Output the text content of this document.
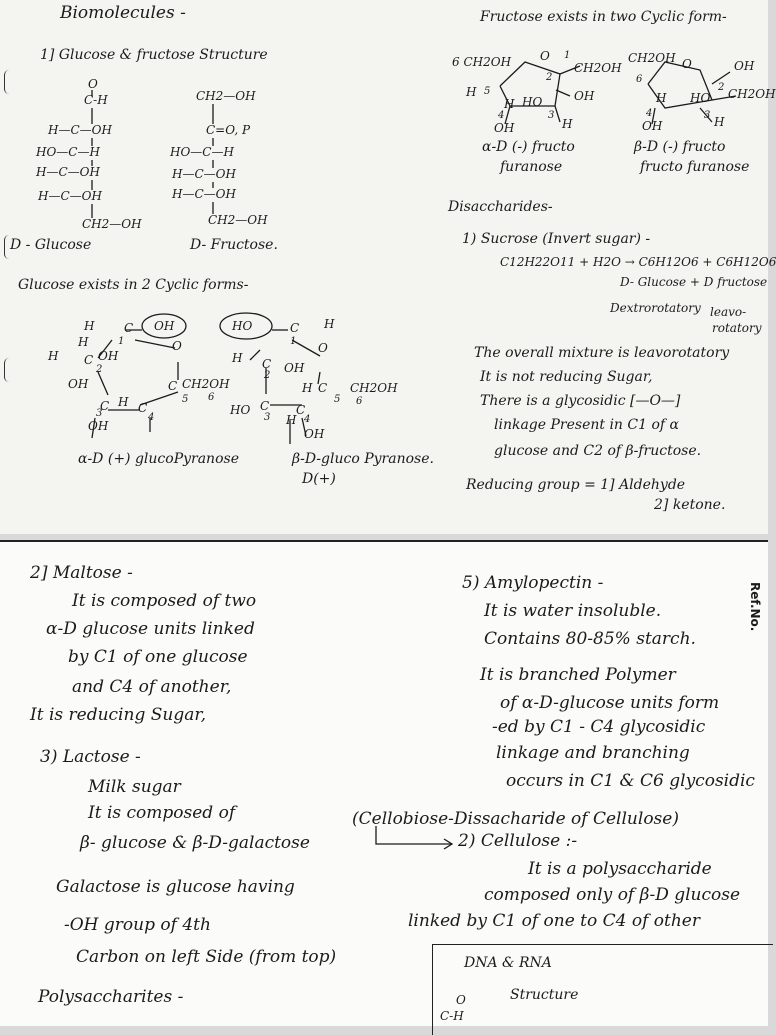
Biomolecules -
1] Glucose & fructose Structure
O
C-H
H—C—OH
HO—C—H
H—C—OH
H—C—OH
CH2—OH
D - Glucose
CH2—OH
C=O, P
HO—C—H
H—C—OH
H—C—OH
CH2—OH
D- Fructose.
Glucose exists in 2 Cyclic forms-
H C OH
H
C OH
H
O
C CH2OH
C
OH
H C
OH
1
2
3	4
5 6
α-D (+) glucoPyranose
HO	C H
H C OH
O
H C CH2OH
HO C C
H
OH
1
2
3	4
5 6
β-D-gluco Pyranose.
D(+)
Fructose exists in two Cyclic form-
6 CH2OH O 1
CH2OH
H 5
2
OH
H HO
4
OH
3
H
α-D (-) fructo
furanose
CH2OH
6
O	OH
H HO
2 CH2OH
4
OH
3 H
β-D (-) fructo
fructo furanose
Disaccharides-
1) Sucrose (Invert sugar) -
C12H22O11 + H2O → C6H12O6 + C6H12O6
D- Glucose + D fructose
Dextrorotatory leavo-
rotatory
The overall mixture is leavorotatory
It is not reducing Sugar,
There is a glycosidic [—O—]
linkage Present in C1 of α
glucose and C2 of β-fructose.
Reducing group = 1] Aldehyde
2] ketone.
2] Maltose -
It is composed of two
α-D glucose units linked
by C1 of one glucose
and C4 of another,
It is reducing Sugar,
3) Lactose -
Milk sugar
It is composed of
β- glucose & β-D-galactose
Galactose is glucose having
-OH group of 4th
Carbon on left Side (from top)
Polysaccharites -
5) Amylopectin -
It is water insoluble.
Contains 80-85% starch.
It is branched Polymer
of α-D-glucose units form
-ed by C1 - C4 glycosidic
linkage and branching
occurs in C1 & C6 glycosidic
(Cellobiose-Dissacharide of Cellulose)
2) Cellulose :-
It is a polysaccharide
composed only of β-D glucose
linked by C1 of one to C4 of other
DNA & RNA
Structure
O
C-H
Ref.No.
